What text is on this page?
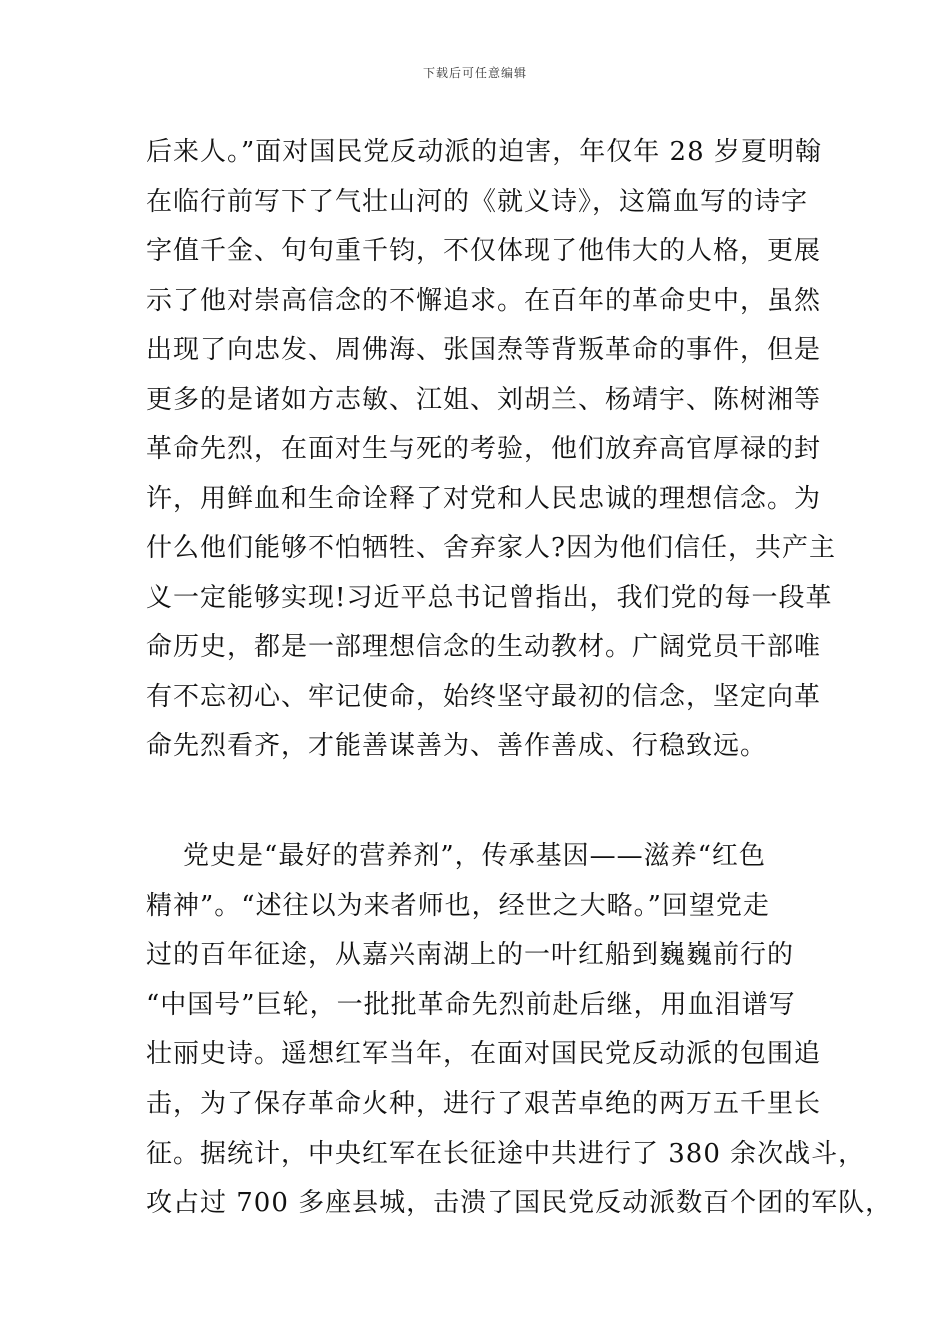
下载后可任意编辑
后来人。”面对国民党反动派的迫害，年仅年 28 岁夏明翰
在临行前写下了气壮山河的《就义诗》，这篇血写的诗字
字值千金、句句重千钧，不仅体现了他伟大的人格，更展
示了他对崇高信念的不懈追求。在百年的革命史中，虽然
出现了向忠发、周佛海、张国焘等背叛革命的事件，但是
更多的是诸如方志敏、江姐、刘胡兰、杨靖宇、陈树湘等
革命先烈，在面对生与死的考验，他们放弃高官厚禄的封
许，用鲜血和生命诠释了对党和人民忠诚的理想信念。为
什么他们能够不怕牺牲、舍弃家人?因为他们信任，共产主
义一定能够实现!习近平总书记曾指出，我们党的每一段革
命历史，都是一部理想信念的生动教材。广阔党员干部唯
有不忘初心、牢记使命，始终坚守最初的信念，坚定向革
命先烈看齐，才能善谋善为、善作善成、行稳致远。
党史是“最好的营养剂”，传承基因——滋养“红色
精神”。“述往以为来者师也，经世之大略。”回望党走
过的百年征途，从嘉兴南湖上的一叶红船到巍巍前行的
“中国号”巨轮，一批批革命先烈前赴后继，用血泪谱写
壮丽史诗。遥想红军当年，在面对国民党反动派的包围追
击，为了保存革命火种，进行了艰苦卓绝的两万五千里长
征。据统计，中央红军在长征途中共进行了 380 余次战斗，
攻占过 700 多座县城，击溃了国民党反动派数百个团的军队，
